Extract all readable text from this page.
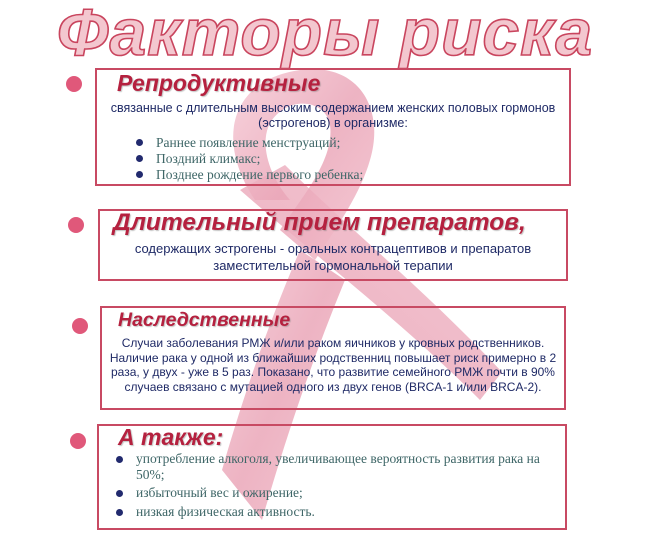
Факторы риска
Репродуктивные
связанные с длительным высоким содержанием женских половых гормонов (эстрогенов) в организме:
Раннее появление менструаций;
Поздний климакс;
Позднее рождение первого ребенка;
Длительный прием препаратов,
содержащих эстрогены - оральных контрацептивов и препаратов заместительной гормональной терапии
Наследственные
Случаи заболевания РМЖ и/или раком яичников у кровных родственников. Наличие рака у одной из ближайших родственниц повышает риск примерно в 2 раза, у двух - уже в 5 раз. Показано, что развитие семейного РМЖ почти в 90% случаев связано с мутацией одного из двух генов (BRCA-1 и/или BRCA-2).
А также:
употребление алкоголя, увеличивающее вероятность развития рака на 50%;
избыточный вес и ожирение;
низкая физическая активность.
